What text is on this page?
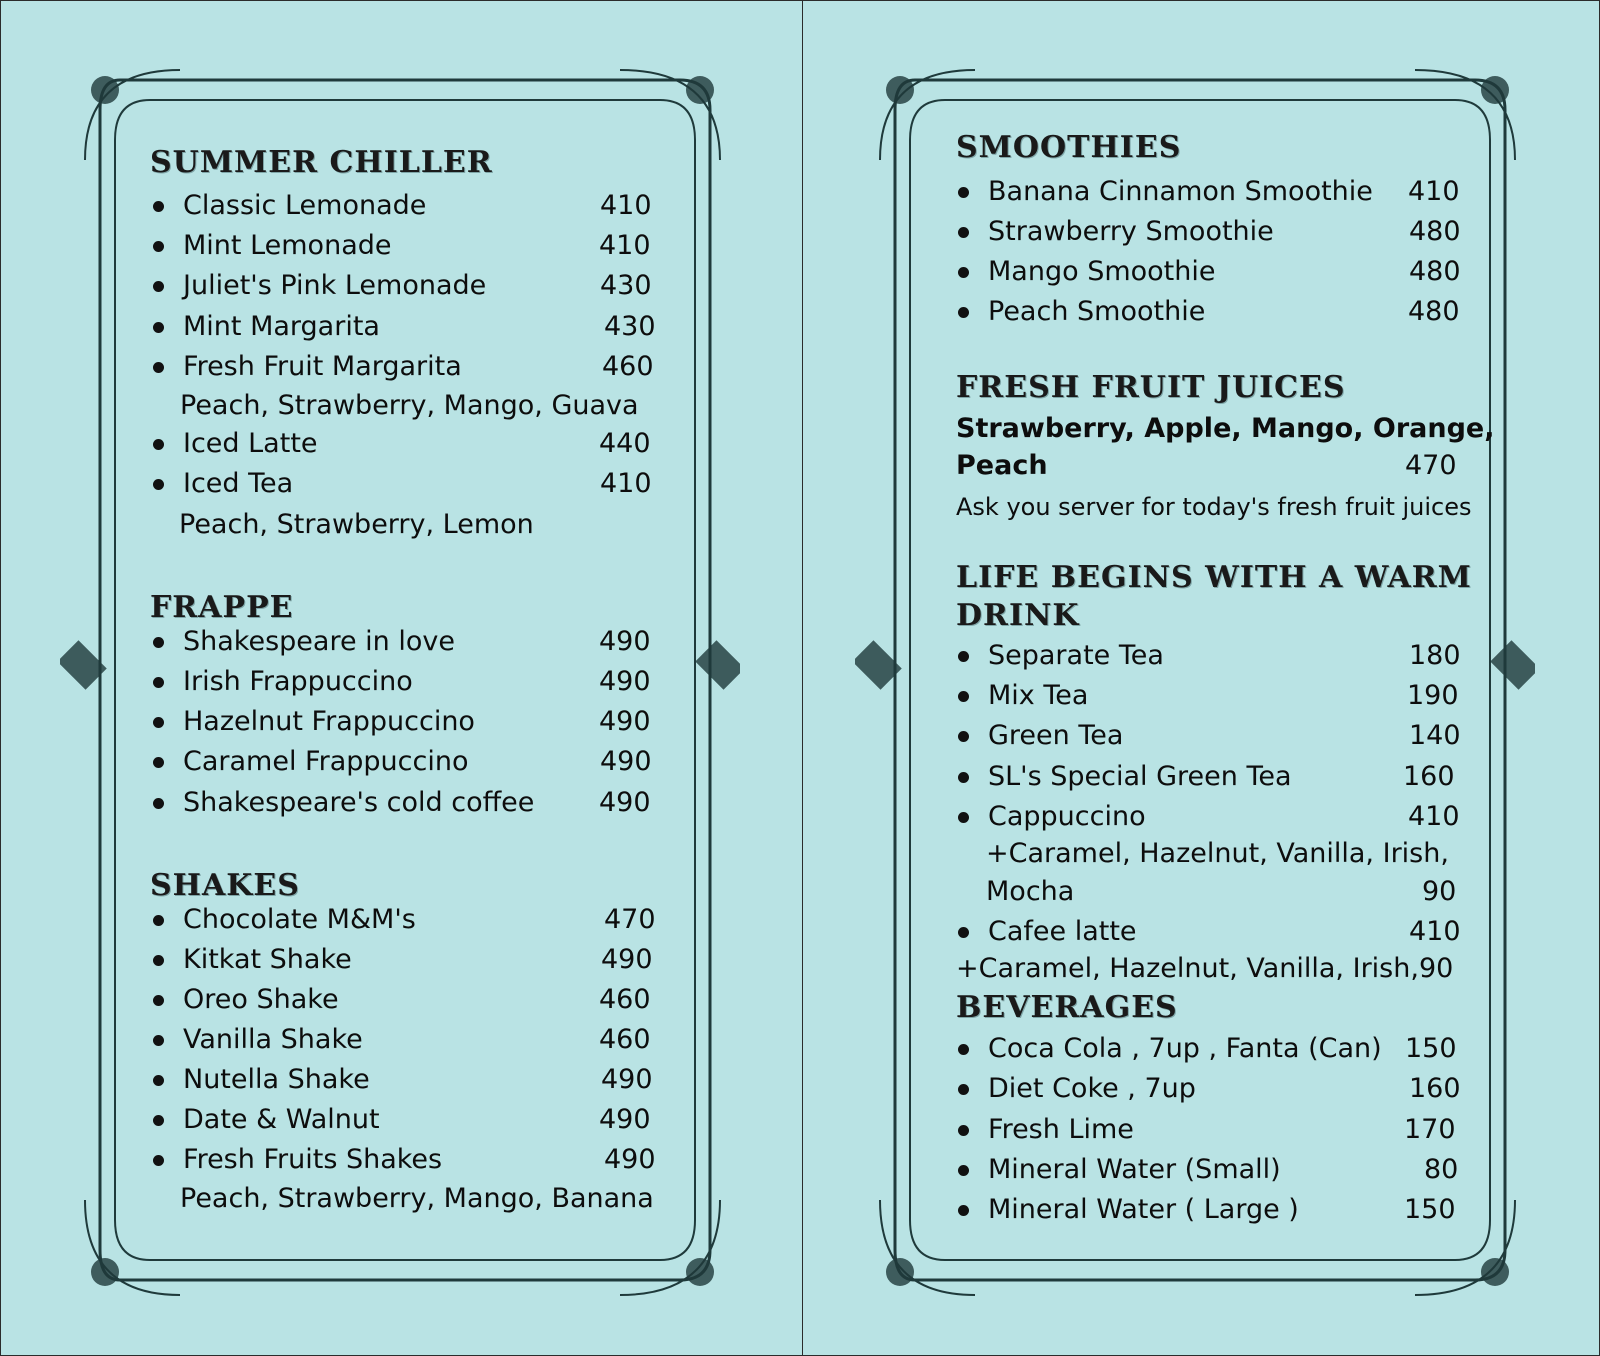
SUMMER CHILLER
Classic Lemonade	410
Mint Lemonade	410
Juliet's Pink Lemonade	430
Mint Margarita	430
Fresh Fruit Margarita	460
Peach, Strawberry, Mango, Guava
Iced Latte	440
Iced Tea	410
Peach, Strawberry, Lemon
FRAPPE
Shakespeare in love	490
Irish Frappuccino	490
Hazelnut Frappuccino	490
Caramel Frappuccino	490
Shakespeare's cold coffee 490
SHAKES
Chocolate M&M's	470
Kitkat Shake	490
Oreo Shake	460
Vanilla Shake	460
Nutella Shake	490
Date & Walnut	490
Fresh Fruits Shakes	490
Peach, Strawberry, Mango, Banana
SMOOTHIES
Banana Cinnamon Smoothie 410
Strawberry Smoothie	480
Mango Smoothie	480
Peach Smoothie	480
FRESH FRUIT JUICES
Strawberry, Apple, Mango, Orange,
Peach	470
Ask you server for today's fresh fruit juices
LIFE BEGINS WITH A WARM
DRINK
Separate Tea	180
Mix Tea	190
Green Tea	140
SL's Special Green Tea	160
Cappuccino	410
+Caramel, Hazelnut, Vanilla, Irish,
Mocha	90
Cafee latte	410
+Caramel, Hazelnut, Vanilla, Irish, 90
BEVERAGES
Coca Cola , 7up , Fanta (Can) 150
Diet Coke , 7up	160
Fresh Lime	170
Mineral Water (Small)	80
Mineral Water ( Large )	150
